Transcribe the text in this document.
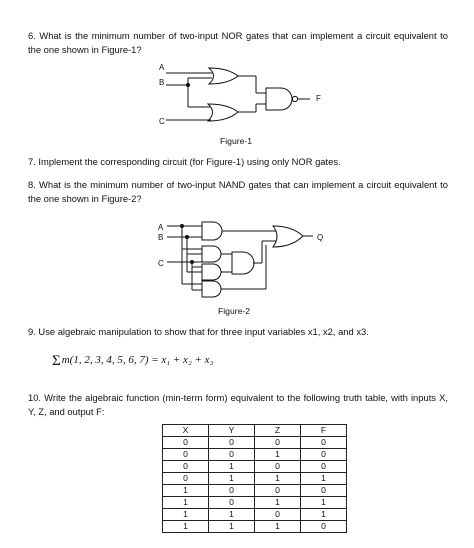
6. What is the minimum number of two-input NOR gates that can implement a circuit equivalent to the one shown in Figure-1?
A
B
C
F
A
B
C
Q
Figure-1
7. Implement the corresponding circuit (for Figure-1) using only NOR gates.
8. What is the minimum number of two-input NAND gates that can implement a circuit equivalent to the one shown in Figure-2?
Figure-2
9. Use algebraic manipulation to show that for three input variables x1, x2, and x3.
Σm(1, 2, 3, 4, 5, 6, 7) = x₁ + x₂ + x₃
10. Write the algebraic function (min-term form) equivalent to the following truth table, with inputs X, Y, Z, and output F:
X	Y	Z	F
0	0	0	0
0	0	1	0
0	1	0	0
0	1	1	1
1	0	0	0
1	0	1	1
1	1	0	1
1	1	1	0
